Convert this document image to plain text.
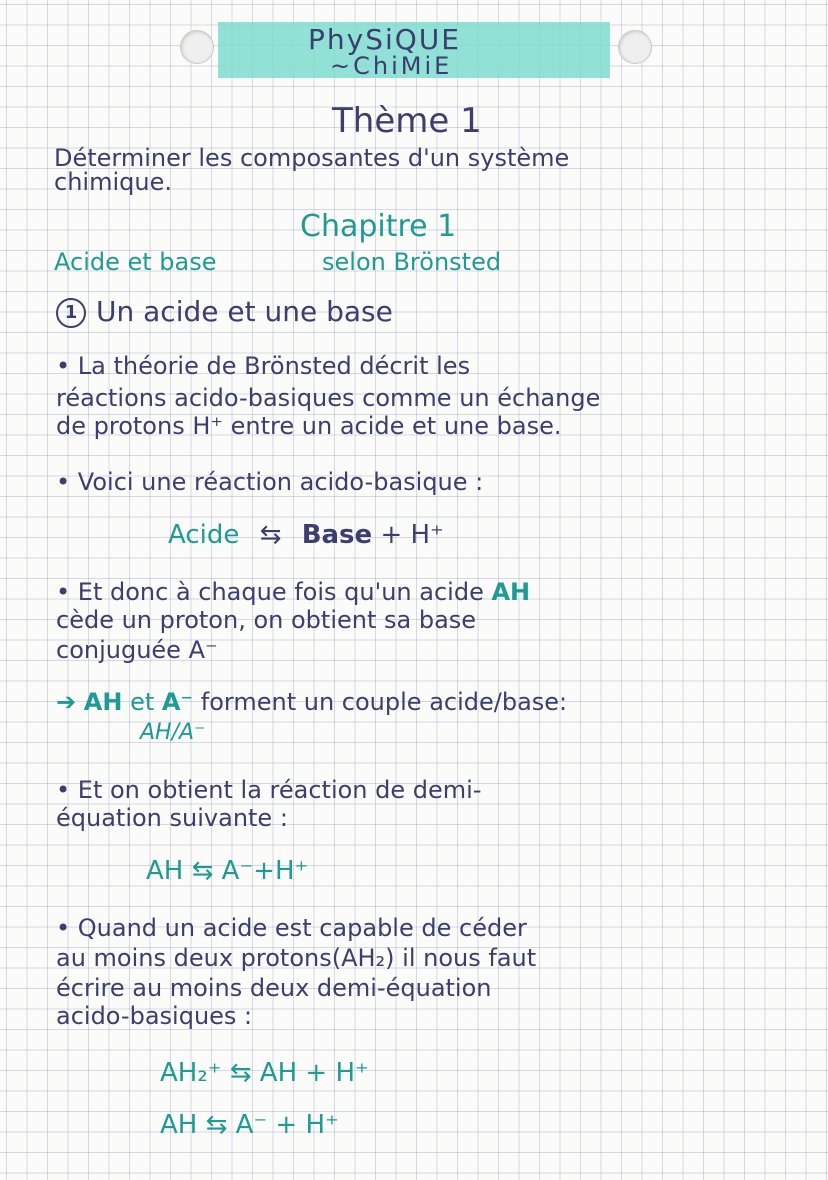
PhySiQUE
~ChiMiE
Thème 1
Déterminer les composantes d'un système
chimique.
Chapitre 1
Acide et base	selon Brönsted
1 Un acide et une base
• La théorie de Brönsted décrit les
réactions acido-basiques comme un échange
de protons H⁺ entre un acide et une base.
• Voici une réaction acido-basique :
Acide ⇆ Base + H⁺
• Et donc à chaque fois qu'un acide AH
cède un proton, on obtient sa base
conjuguée A⁻
➔ AH et A⁻ forment un couple acide/base:
AH/A⁻
• Et on obtient la réaction de demi-
équation suivante :
AH ⇆ A⁻+H⁺
• Quand un acide est capable de céder
au moins deux protons(AH₂) il nous faut
écrire au moins deux demi-équation
acido-basiques :
AH₂⁺ ⇆ AH + H⁺
AH ⇆ A⁻ + H⁺
